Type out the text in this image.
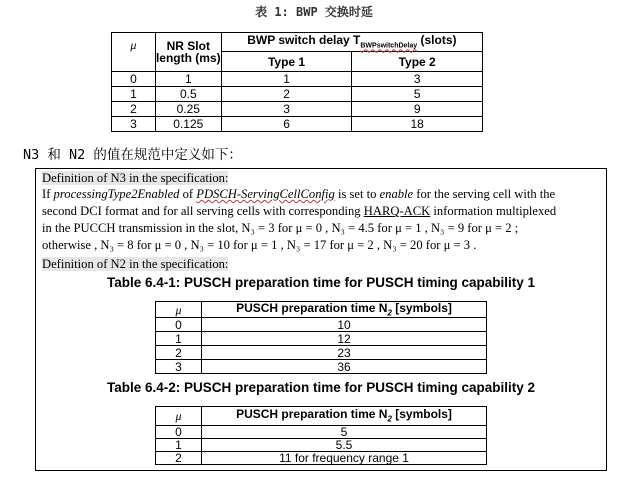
表 1: BWP 交换时延
μ	NR Slot length (ms)	BWP switch delay $T_{BWPswitchDelay}$ (slots)	
		Type 1	Type 2
0	1	1	3
1	0.5	2	5
2	0.25	3	9
3	0.125	6	18
N3 和 N2 的值在规范中定义如下：
Definition of N3 in the specification:
If processingType2Enabled of PDSCH-ServingCellConfig is set to enable for the serving cell with the
second DCI format and for all serving cells with corresponding HARQ-ACK information multiplexed
in the PUCCH transmission in the slot, N₃ = 3 for μ = 0 , N₃ = 4.5 for μ = 1 , N₃ = 9 for μ = 2 ;
otherwise , N₃ = 8 for μ = 0 , N₃ = 10 for μ = 1 , N₃ = 17 for μ = 2 , N₃ = 20 for μ = 3 .
Definition of N2 in the specification:
Table 6.4-1: PUSCH preparation time for PUSCH timing capability 1
μ	PUSCH preparation time $N_2$ [symbols]
0	10
1	12
2	23
3	36
Table 6.4-2: PUSCH preparation time for PUSCH timing capability 2
μ	PUSCH preparation time $N_2$ [symbols]
0	5
1	5.5
2	11 for frequency range 1
